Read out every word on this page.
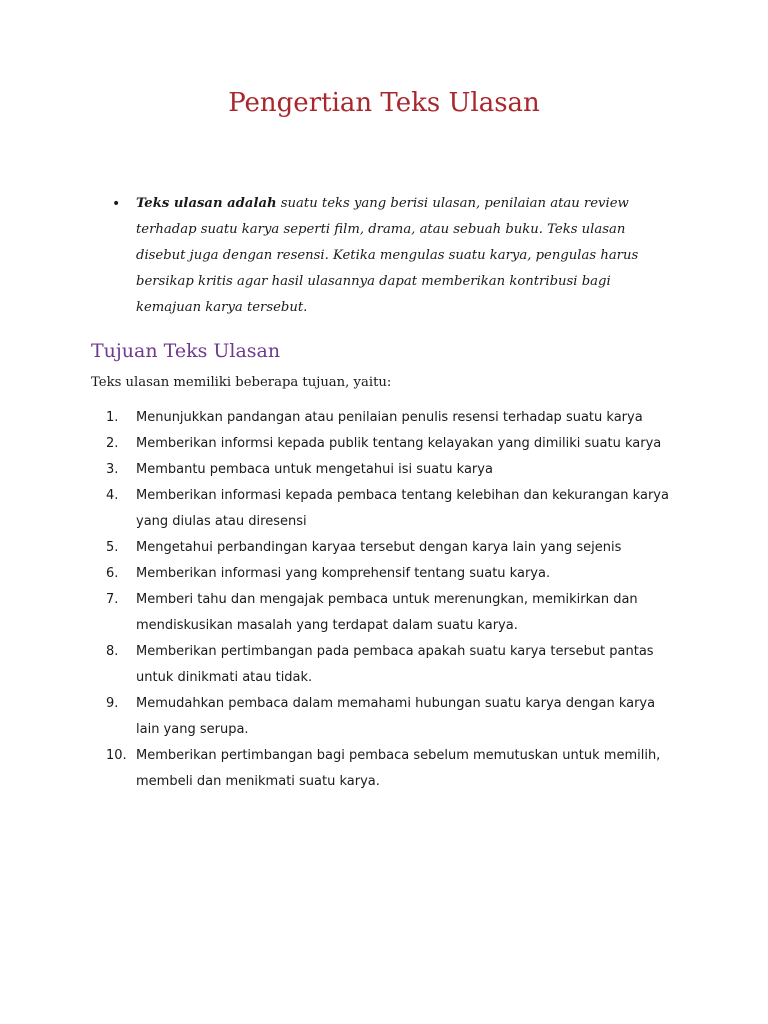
Pengertian Teks Ulasan
• Teks ulasan adalah suatu teks yang berisi ulasan, penilaian atau review terhadap suatu karya seperti film, drama, atau sebuah buku. Teks ulasan disebut juga dengan resensi. Ketika mengulas suatu karya, pengulas harus bersikap kritis agar hasil ulasannya dapat memberikan kontribusi bagi kemajuan karya tersebut.
Tujuan Teks Ulasan

Teks ulasan memiliki beberapa tujuan, yaitu:

1. Menunjukkan pandangan atau penilaian penulis resensi terhadap suatu karya
2. Memberikan informsi kepada publik tentang kelayakan yang dimiliki suatu karya
3. Membantu pembaca untuk mengetahui isi suatu karya
4. Memberikan informasi kepada pembaca tentang kelebihan dan kekurangan karya yang diulas atau diresensi
5. Mengetahui perbandingan karyaa tersebut dengan karya lain yang sejenis
6. Memberikan informasi yang komprehensif tentang suatu karya.
7. Memberi tahu dan mengajak pembaca untuk merenungkan, memikirkan dan mendiskusikan masalah yang terdapat dalam suatu karya.
8. Memberikan pertimbangan pada pembaca apakah suatu karya tersebut pantas untuk dinikmati atau tidak.
9. Memudahkan pembaca dalam memahami hubungan suatu karya dengan karya lain yang serupa.
10. Memberikan pertimbangan bagi pembaca sebelum memutuskan untuk memilih, membeli dan menikmati suatu karya.
